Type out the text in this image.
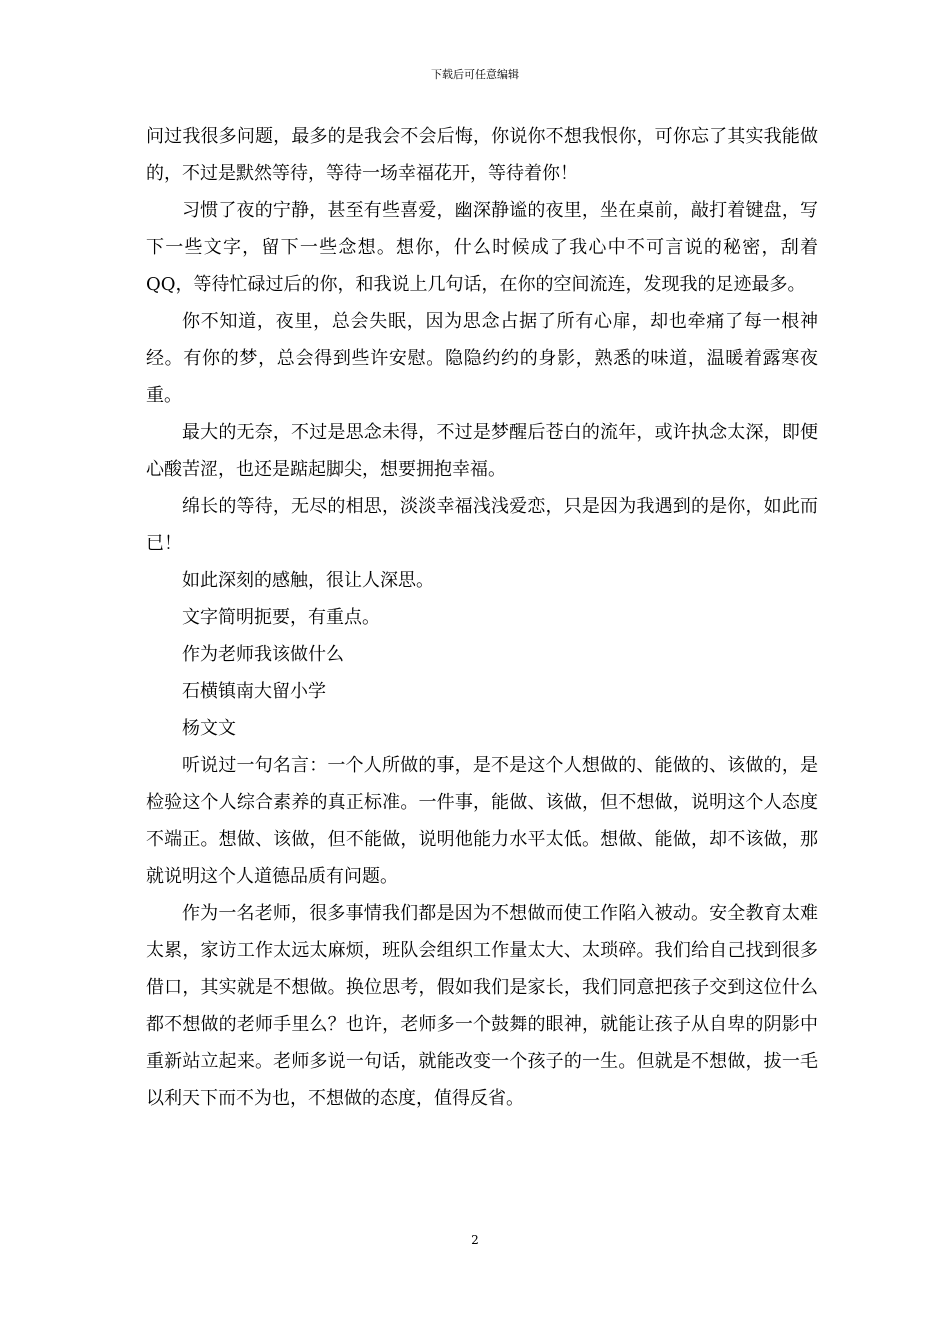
下载后可任意编辑

问过我很多问题，最多的是我会不会后悔，你说你不想我恨你，可你忘了其实我能做的，不过是默然等待，等待一场幸福花开，等待着你！

习惯了夜的宁静，甚至有些喜爱，幽深静谧的夜里，坐在桌前，敲打着键盘，写下一些文字，留下一些念想。想你，什么时候成了我心中不可言说的秘密，刮着QQ，等待忙碌过后的你，和我说上几句话，在你的空间流连，发现我的足迹最多。

你不知道，夜里，总会失眠，因为思念占据了所有心扉，却也牵痛了每一根神经。有你的梦，总会得到些许安慰。隐隐约约的身影，熟悉的味道，温暖着露寒夜重。

最大的无奈，不过是思念未得，不过是梦醒后苍白的流年，或许执念太深，即便心酸苦涩，也还是踮起脚尖，想要拥抱幸福。

绵长的等待，无尽的相思，淡淡幸福浅浅爱恋，只是因为我遇到的是你，如此而已！

如此深刻的感触，很让人深思。

文字简明扼要，有重点。

作为老师我该做什么

石横镇南大留小学

杨文文

听说过一句名言：一个人所做的事，是不是这个人想做的、能做的、该做的，是检验这个人综合素养的真正标准。一件事，能做、该做，但不想做，说明这个人态度不端正。想做、该做，但不能做，说明他能力水平太低。想做、能做，却不该做，那就说明这个人道德品质有问题。

作为一名老师，很多事情我们都是因为不想做而使工作陷入被动。安全教育太难太累，家访工作太远太麻烦，班队会组织工作量太大、太琐碎。我们给自己找到很多借口，其实就是不想做。换位思考，假如我们是家长，我们同意把孩子交到这位什么都不想做的老师手里么？也许，老师多一个鼓舞的眼神，就能让孩子从自卑的阴影中重新站立起来。老师多说一句话，就能改变一个孩子的一生。但就是不想做，拔一毛以利天下而不为也，不想做的态度，值得反省。

2
